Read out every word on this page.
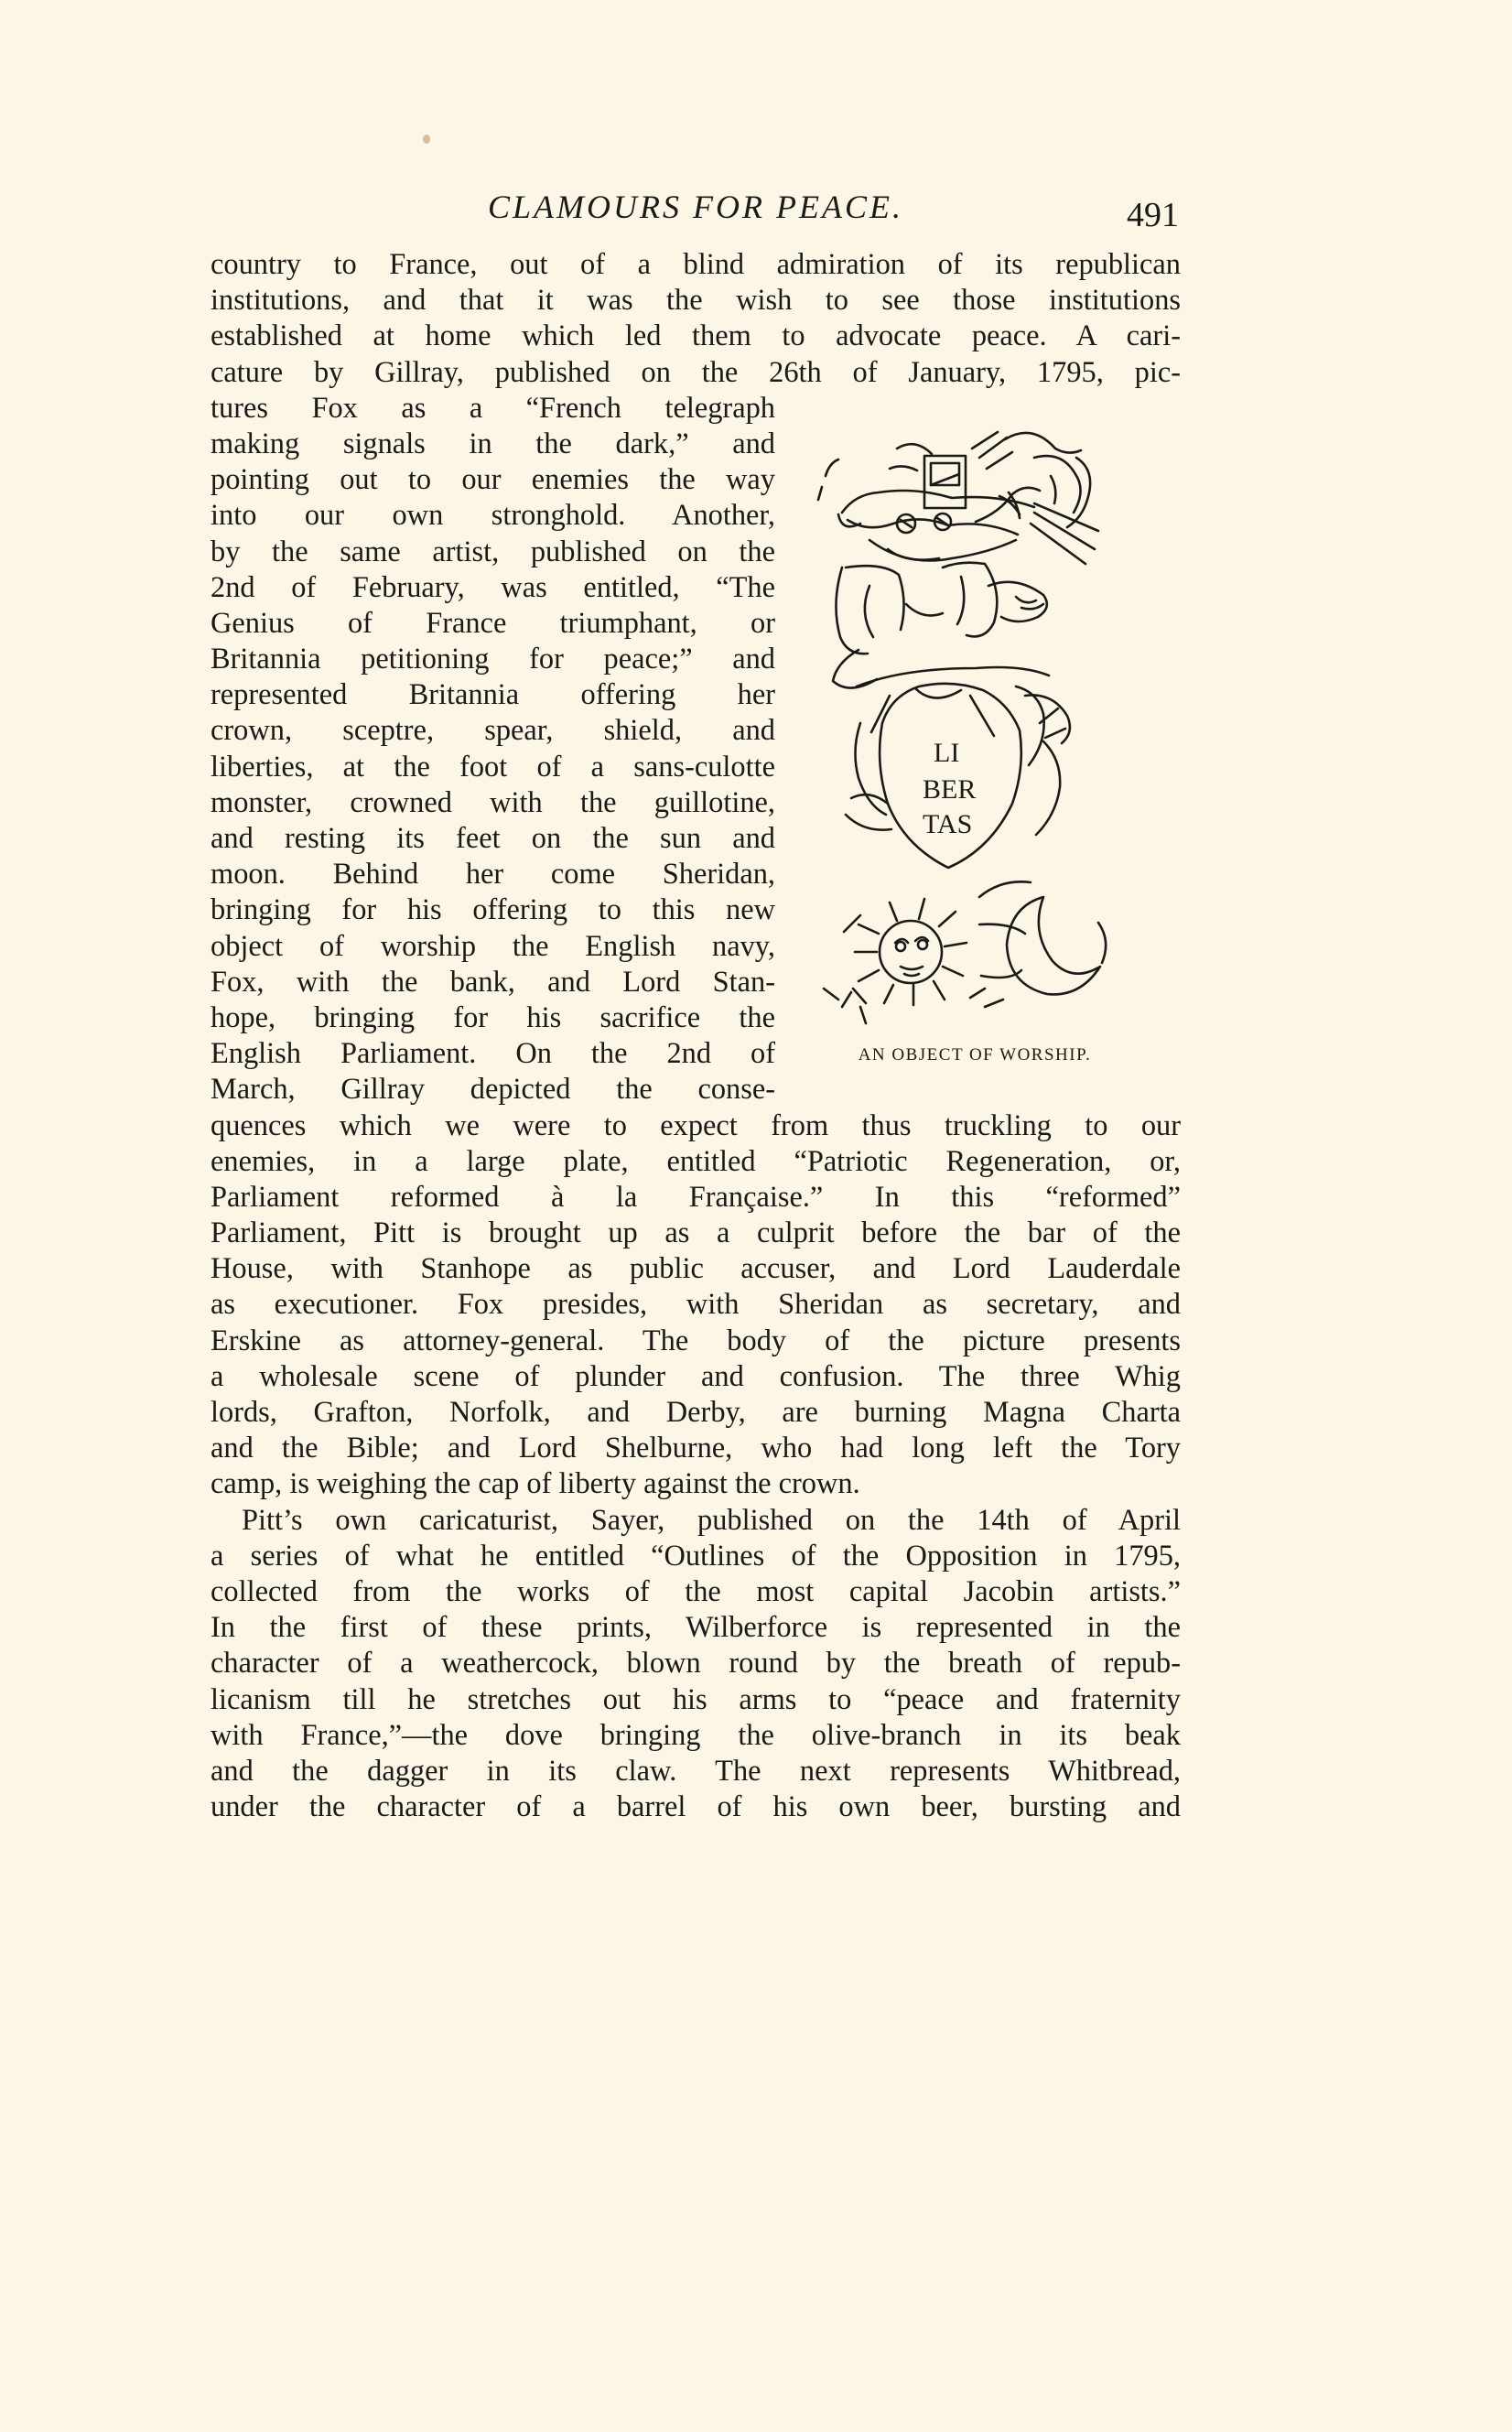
CLAMOURS FOR PEACE.	491
country to France, out of a blind admiration of its republican
institutions, and that it was the wish to see those institutions
established at home which led them to advocate peace. A cari-
cature by Gillray, published on the 26th of January, 1795, pic-
tures Fox as a “French telegraph
making signals in the dark,” and
pointing out to our enemies the way
into our own stronghold. Another,
by the same artist, published on the
2nd of February, was entitled, “The
Genius of France triumphant, or
Britannia petitioning for peace;” and
represented Britannia offering her
crown, sceptre, spear, shield, and
liberties, at the foot of a sans-culotte
monster, crowned with the guillotine,
and resting its feet on the sun and
moon. Behind her come Sheridan,
bringing for his offering to this new
object of worship the English navy,
Fox, with the bank, and Lord Stan-
hope, bringing for his sacrifice the
English Parliament. On the 2nd of
March, Gillray depicted the conse-
quences which we were to expect from thus truckling to our
enemies, in a large plate, entitled “Patriotic Regeneration, or,
Parliament reformed à la Française.” In this “reformed”
Parliament, Pitt is brought up as a culprit before the bar of the
House, with Stanhope as public accuser, and Lord Lauderdale
as executioner. Fox presides, with Sheridan as secretary, and
Erskine as attorney-general. The body of the picture presents
a wholesale scene of plunder and confusion. The three Whig
lords, Grafton, Norfolk, and Derby, are burning Magna Charta
and the Bible; and Lord Shelburne, who had long left the Tory
camp, is weighing the cap of liberty against the crown.
Pitt’s own caricaturist, Sayer, published on the 14th of April
a series of what he entitled “Outlines of the Opposition in 1795,
collected from the works of the most capital Jacobin artists.”
In the first of these prints, Wilberforce is represented in the
character of a weathercock, blown round by the breath of repub-
licanism till he stretches out his arms to “peace and fraternity
with France,”—the dove bringing the olive-branch in its beak
and the dagger in its claw. The next represents Whitbread,
under the character of a barrel of his own beer, bursting and
LI
BER
TAS
AN OBJECT OF WORSHIP.
